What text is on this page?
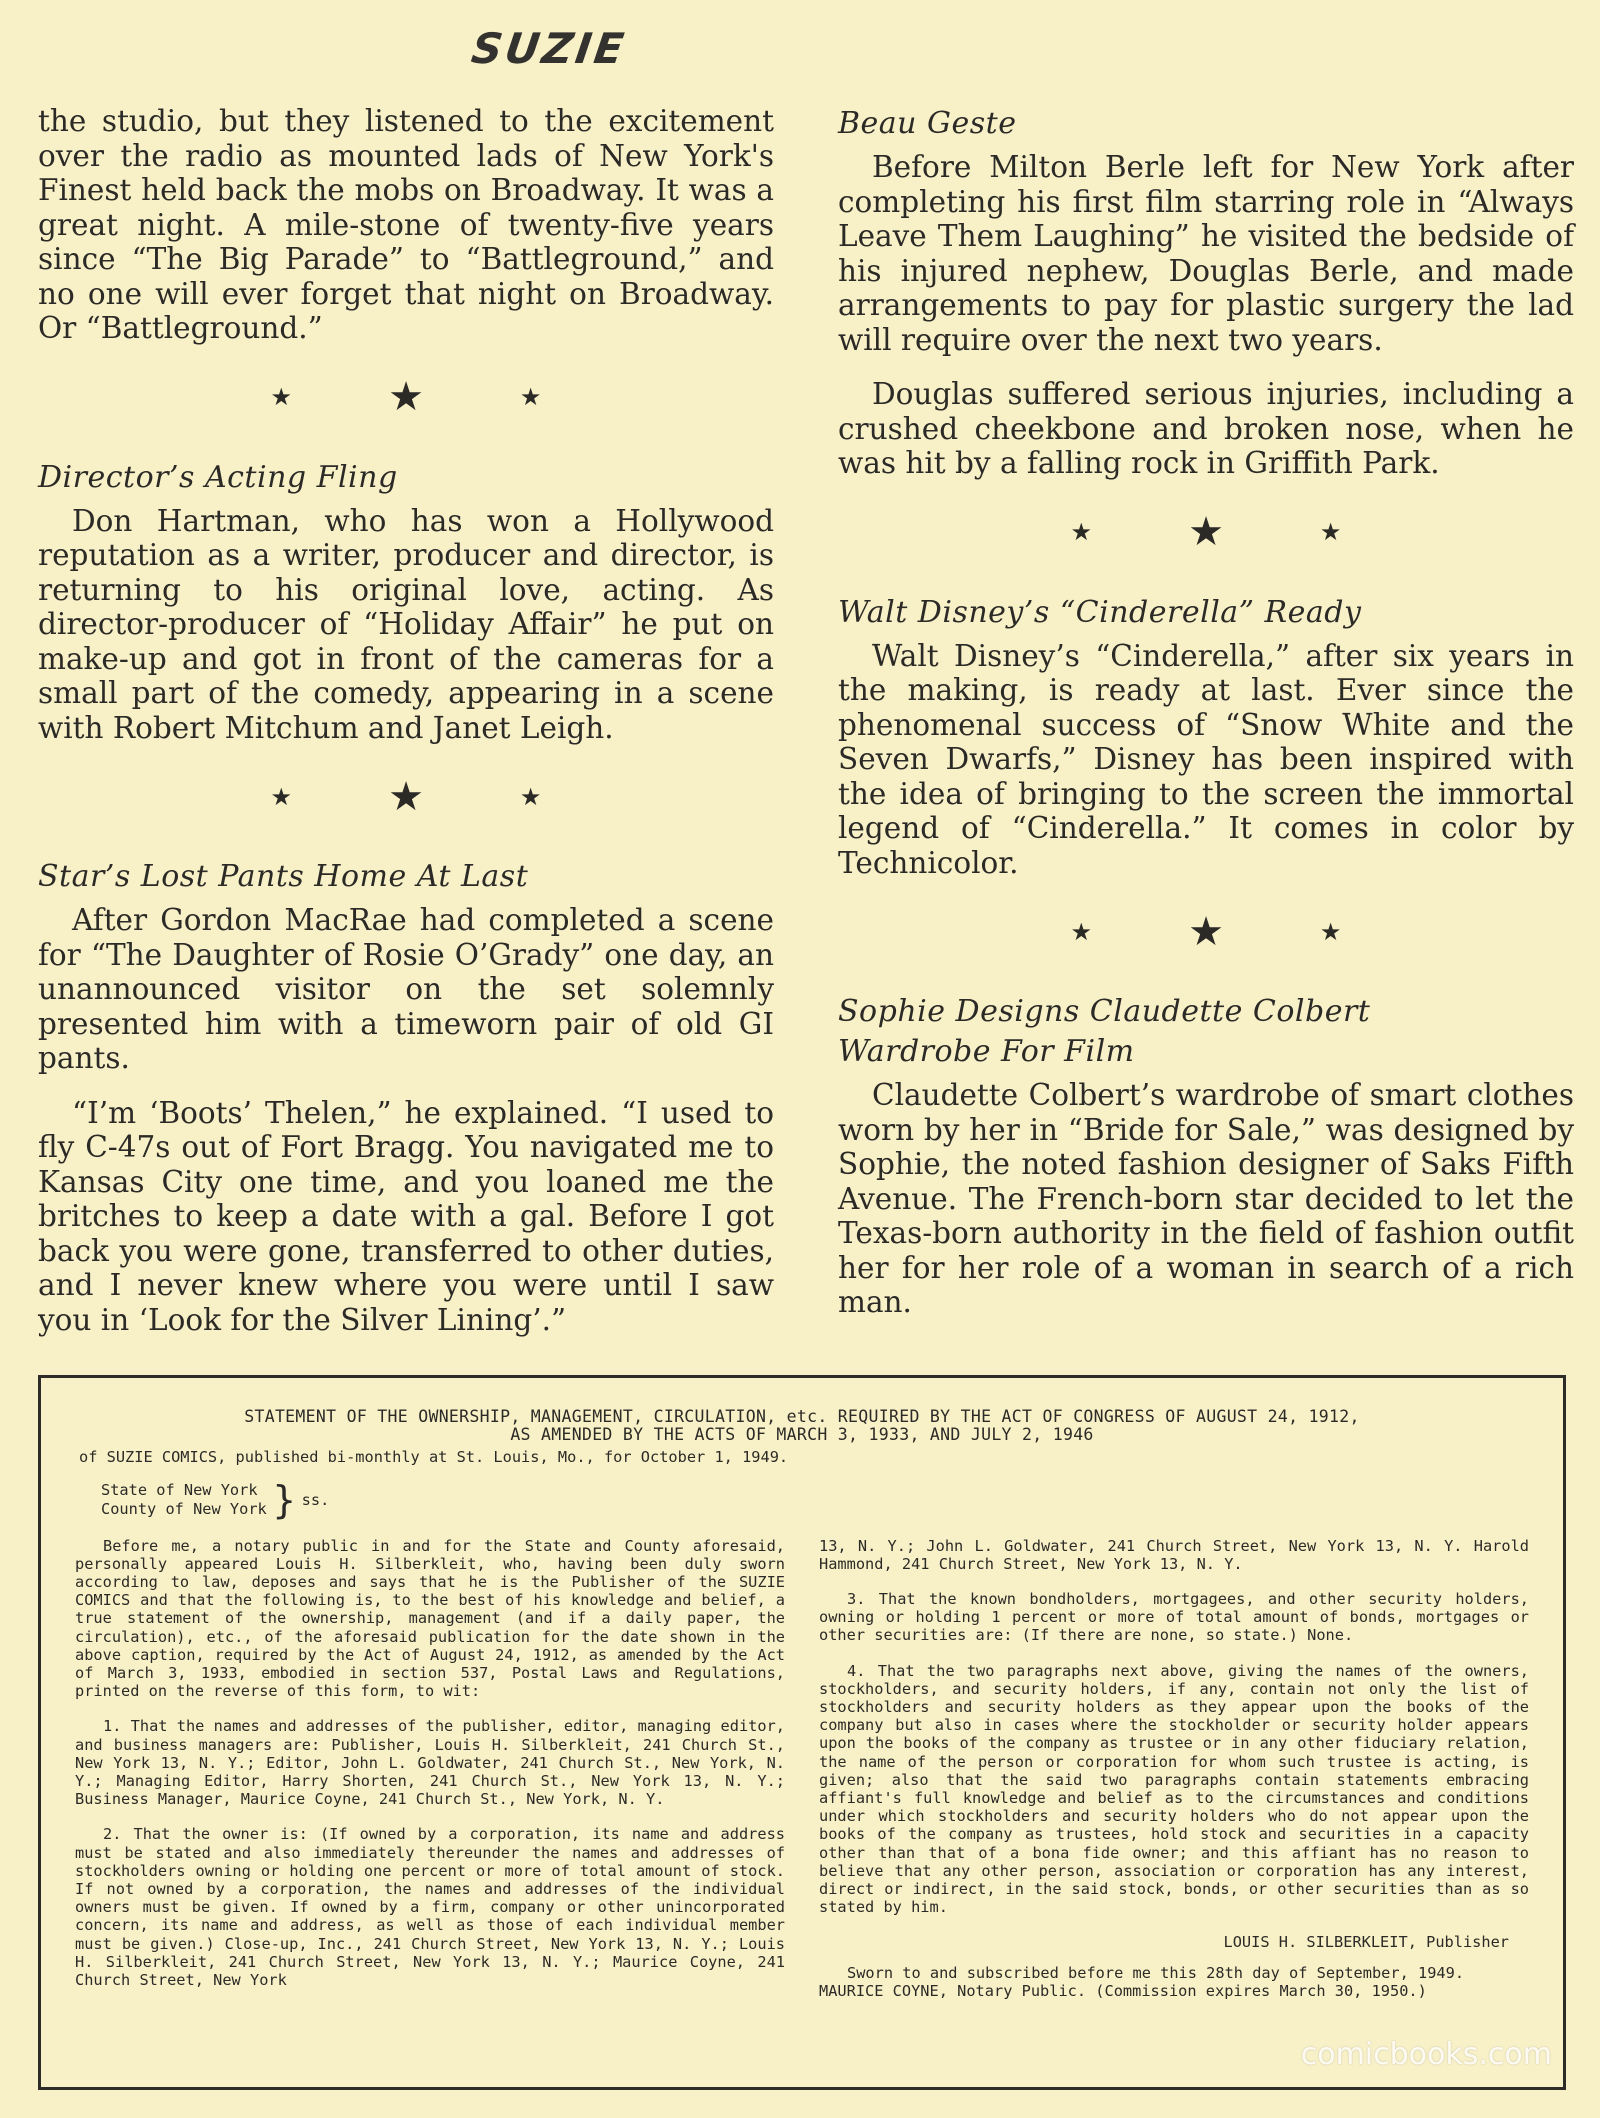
SUZIE

the studio, but they listened to the excitement over the radio as mounted lads of New York's Finest held back the mobs on Broadway. It was a great night. A mile-stone of twenty-five years since “The Big Parade” to “Battleground,” and no one will ever forget that night on Broadway. Or “Battleground.”

★ ★	★
Director’s Acting Fling

Don Hartman, who has won a Hollywood reputation as a writer, producer and director, is returning to his original love, acting. As director-producer of “Holiday Affair” he put on make-up and got in front of the cameras for a small part of the comedy, appearing in a scene with Robert Mitchum and Janet Leigh.

★ ★	★
Star’s Lost Pants Home At Last

After Gordon MacRae had completed a scene for “The Daughter of Rosie O’Grady” one day, an unannounced visitor on the set solemnly presented him with a timeworn pair of old GI pants.

“I’m ‘Boots’ Thelen,” he explained. “I used to fly C-47s out of Fort Bragg. You navigated me to Kansas City one time, and you loaned me the britches to keep a date with a gal. Before I got back you were gone, transferred to other duties, and I never knew where you were until I saw you in ‘Look for the Silver Lining’.”

Beau Geste

Before Milton Berle left for New York after completing his first film starring role in “Always Leave Them Laughing” he visited the bedside of his injured nephew, Douglas Berle, and made arrangements to pay for plastic surgery the lad will require over the next two years.

Douglas suffered serious injuries, including a crushed cheekbone and broken nose, when he was hit by a falling rock in Griffith Park.

★ ★	★
Walt Disney’s “Cinderella” Ready

Walt Disney’s “Cinderella,” after six years in the making, is ready at last. Ever since the phenomenal success of “Snow White and the Seven Dwarfs,” Disney has been inspired with the idea of bringing to the screen the immortal legend of “Cinderella.” It comes in color by Technicolor.

★ ★	★
Sophie Designs Claudette Colbert
Wardrobe For Film

Claudette Colbert’s wardrobe of smart clothes worn by her in “Bride for Sale,” was designed by Sophie, the noted fashion designer of Saks Fifth Avenue. The French-born star decided to let the Texas-born authority in the field of fashion outfit her for her role of a woman in search of a rich man.

STATEMENT OF THE OWNERSHIP, MANAGEMENT, CIRCULATION, etc. REQUIRED BY THE ACT OF CONGRESS OF AUGUST 24, 1912,
AS AMENDED BY THE ACTS OF MARCH 3, 1933, AND JULY 2, 1946
of SUZIE COMICS, published bi-monthly at St. Louis, Mo., for October 1, 1949.
State of New York
County of New York } ss.

Before me, a notary public in and for the State and County aforesaid, personally appeared Louis H. Silberkleit, who, having been duly sworn according to law, deposes and says that he is the Publisher of the SUZIE COMICS and that the following is, to the best of his knowledge and belief, a true statement of the ownership, management (and if a daily paper, the circulation), etc., of the aforesaid publication for the date shown in the above caption, required by the Act of August 24, 1912, as amended by the Act of March 3, 1933, embodied in section 537, Postal Laws and Regulations, printed on the reverse of this form, to wit:

1. That the names and addresses of the publisher, editor, managing editor, and business managers are: Publisher, Louis H. Silberkleit, 241 Church St., New York 13, N. Y.; Editor, John L. Goldwater, 241 Church St., New York, N. Y.; Managing Editor, Harry Shorten, 241 Church St., New York 13, N. Y.; Business Manager, Maurice Coyne, 241 Church St., New York, N. Y.

2. That the owner is: (If owned by a corporation, its name and address must be stated and also immediately thereunder the names and addresses of stockholders owning or holding one percent or more of total amount of stock. If not owned by a corporation, the names and addresses of the individual owners must be given. If owned by a firm, company or other unincorporated concern, its name and address, as well as those of each individual member must be given.) Close-up, Inc., 241 Church Street, New York 13, N. Y.; Louis H. Silberkleit, 241 Church Street, New York 13, N. Y.; Maurice Coyne, 241 Church Street, New York

13, N. Y.; John L. Goldwater, 241 Church Street, New York 13, N. Y. Harold Hammond, 241 Church Street, New York 13, N. Y.

3. That the known bondholders, mortgagees, and other security holders, owning or holding 1 percent or more of total amount of bonds, mortgages or other securities are: (If there are none, so state.) None.

4. That the two paragraphs next above, giving the names of the owners, stockholders, and security holders, if any, contain not only the list of stockholders and security holders as they appear upon the books of the company but also in cases where the stockholder or security holder appears upon the books of the company as trustee or in any other fiduciary relation, the name of the person or corporation for whom such trustee is acting, is given; also that the said two paragraphs contain statements embracing affiant's full knowledge and belief as to the circumstances and conditions under which stockholders and security holders who do not appear upon the books of the company as trustees, hold stock and securities in a capacity other than that of a bona fide owner; and this affiant has no reason to believe that any other person, association or corporation has any interest, direct or indirect, in the said stock, bonds, or other securities than as so stated by him.

LOUIS H. SILBERKLEIT, Publisher
Sworn to and subscribed before me this 28th day of September, 1949.
MAURICE COYNE, Notary Public. (Commission expires March 30, 1950.)
comicbooks.com
